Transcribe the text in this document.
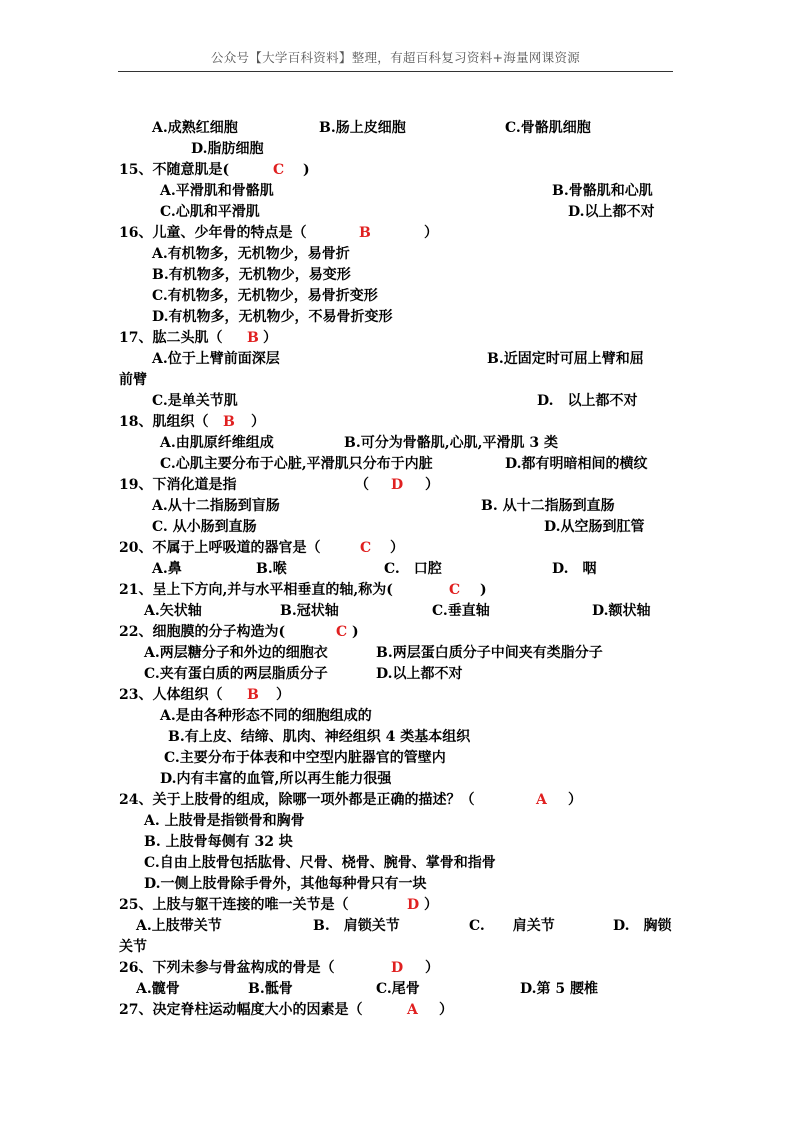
公众号【大学百科资料】整理，有超百科复习资料+海量网课资源
A.成熟红细胞	B.肠上皮细胞	C.骨骼肌细胞
D.脂肪细胞
15、不随意肌是(	C )
A.平滑肌和骨骼肌	B.骨骼肌和心肌
C.心肌和平滑肌	D.以上都不对
16、儿童、少年骨的特点是（	B	）
A.有机物多，无机物少，易骨折
B.有机物多，无机物少，易变形
C.有机物多，无机物少，易骨折变形
D.有机物多，无机物少，不易骨折变形
17、肱二头肌（ B ）
A.位于上臂前面深层	B.近固定时可屈上臂和屈
前臂
C.是单关节肌	D.　以上都不对
18、肌组织（ B ）
A.由肌原纤维组成	B.可分为骨骼肌,心肌,平滑肌 3 类
C.心肌主要分布于心脏,平滑肌只分布于内脏	D.都有明暗相间的横纹
19、下消化道是指	（ D ）
A.从十二指肠到盲肠	B. 从十二指肠到直肠
C. 从小肠到直肠	D.从空肠到肛管
20、不属于上呼吸道的器官是（	C ）
A.鼻	B.喉	C.　口腔	D.　咽
21、呈上下方向,并与水平相垂直的轴,称为(	C )
A.矢状轴	B.冠状轴	C.垂直轴	D.额状轴
22、细胞膜的分子构造为(	C )
A.两层糖分子和外边的细胞衣	B.两层蛋白质分子中间夹有类脂分子
C.夹有蛋白质的两层脂质分子	D.以上都不对
23、人体组织（ B ）
A.是由各种形态不同的细胞组成的
B.有上皮、结缔、肌肉、神经组织 4 类基本组织
C.主要分布于体表和中空型内脏器官的管壁内
D.内有丰富的血管,所以再生能力很强
24、关于上肢骨的组成，除哪一项外都是正确的描述？（	A ）
A. 上肢骨是指锁骨和胸骨
B. 上肢骨每侧有 32 块
C.自由上肢骨包括肱骨、尺骨、桡骨、腕骨、掌骨和指骨
D.一侧上肢骨除手骨外，其他每种骨只有一块
25、上肢与躯干连接的唯一关节是（	D ）
A.上肢带关节	B.　肩锁关节	C.　　肩关节	D.　胸锁
关节
26、下列未参与骨盆构成的骨是（	D ）
A.髋骨	B.骶骨	C.尾骨	D.第 5 腰椎
27、决定脊柱运动幅度大小的因素是（	A ）
